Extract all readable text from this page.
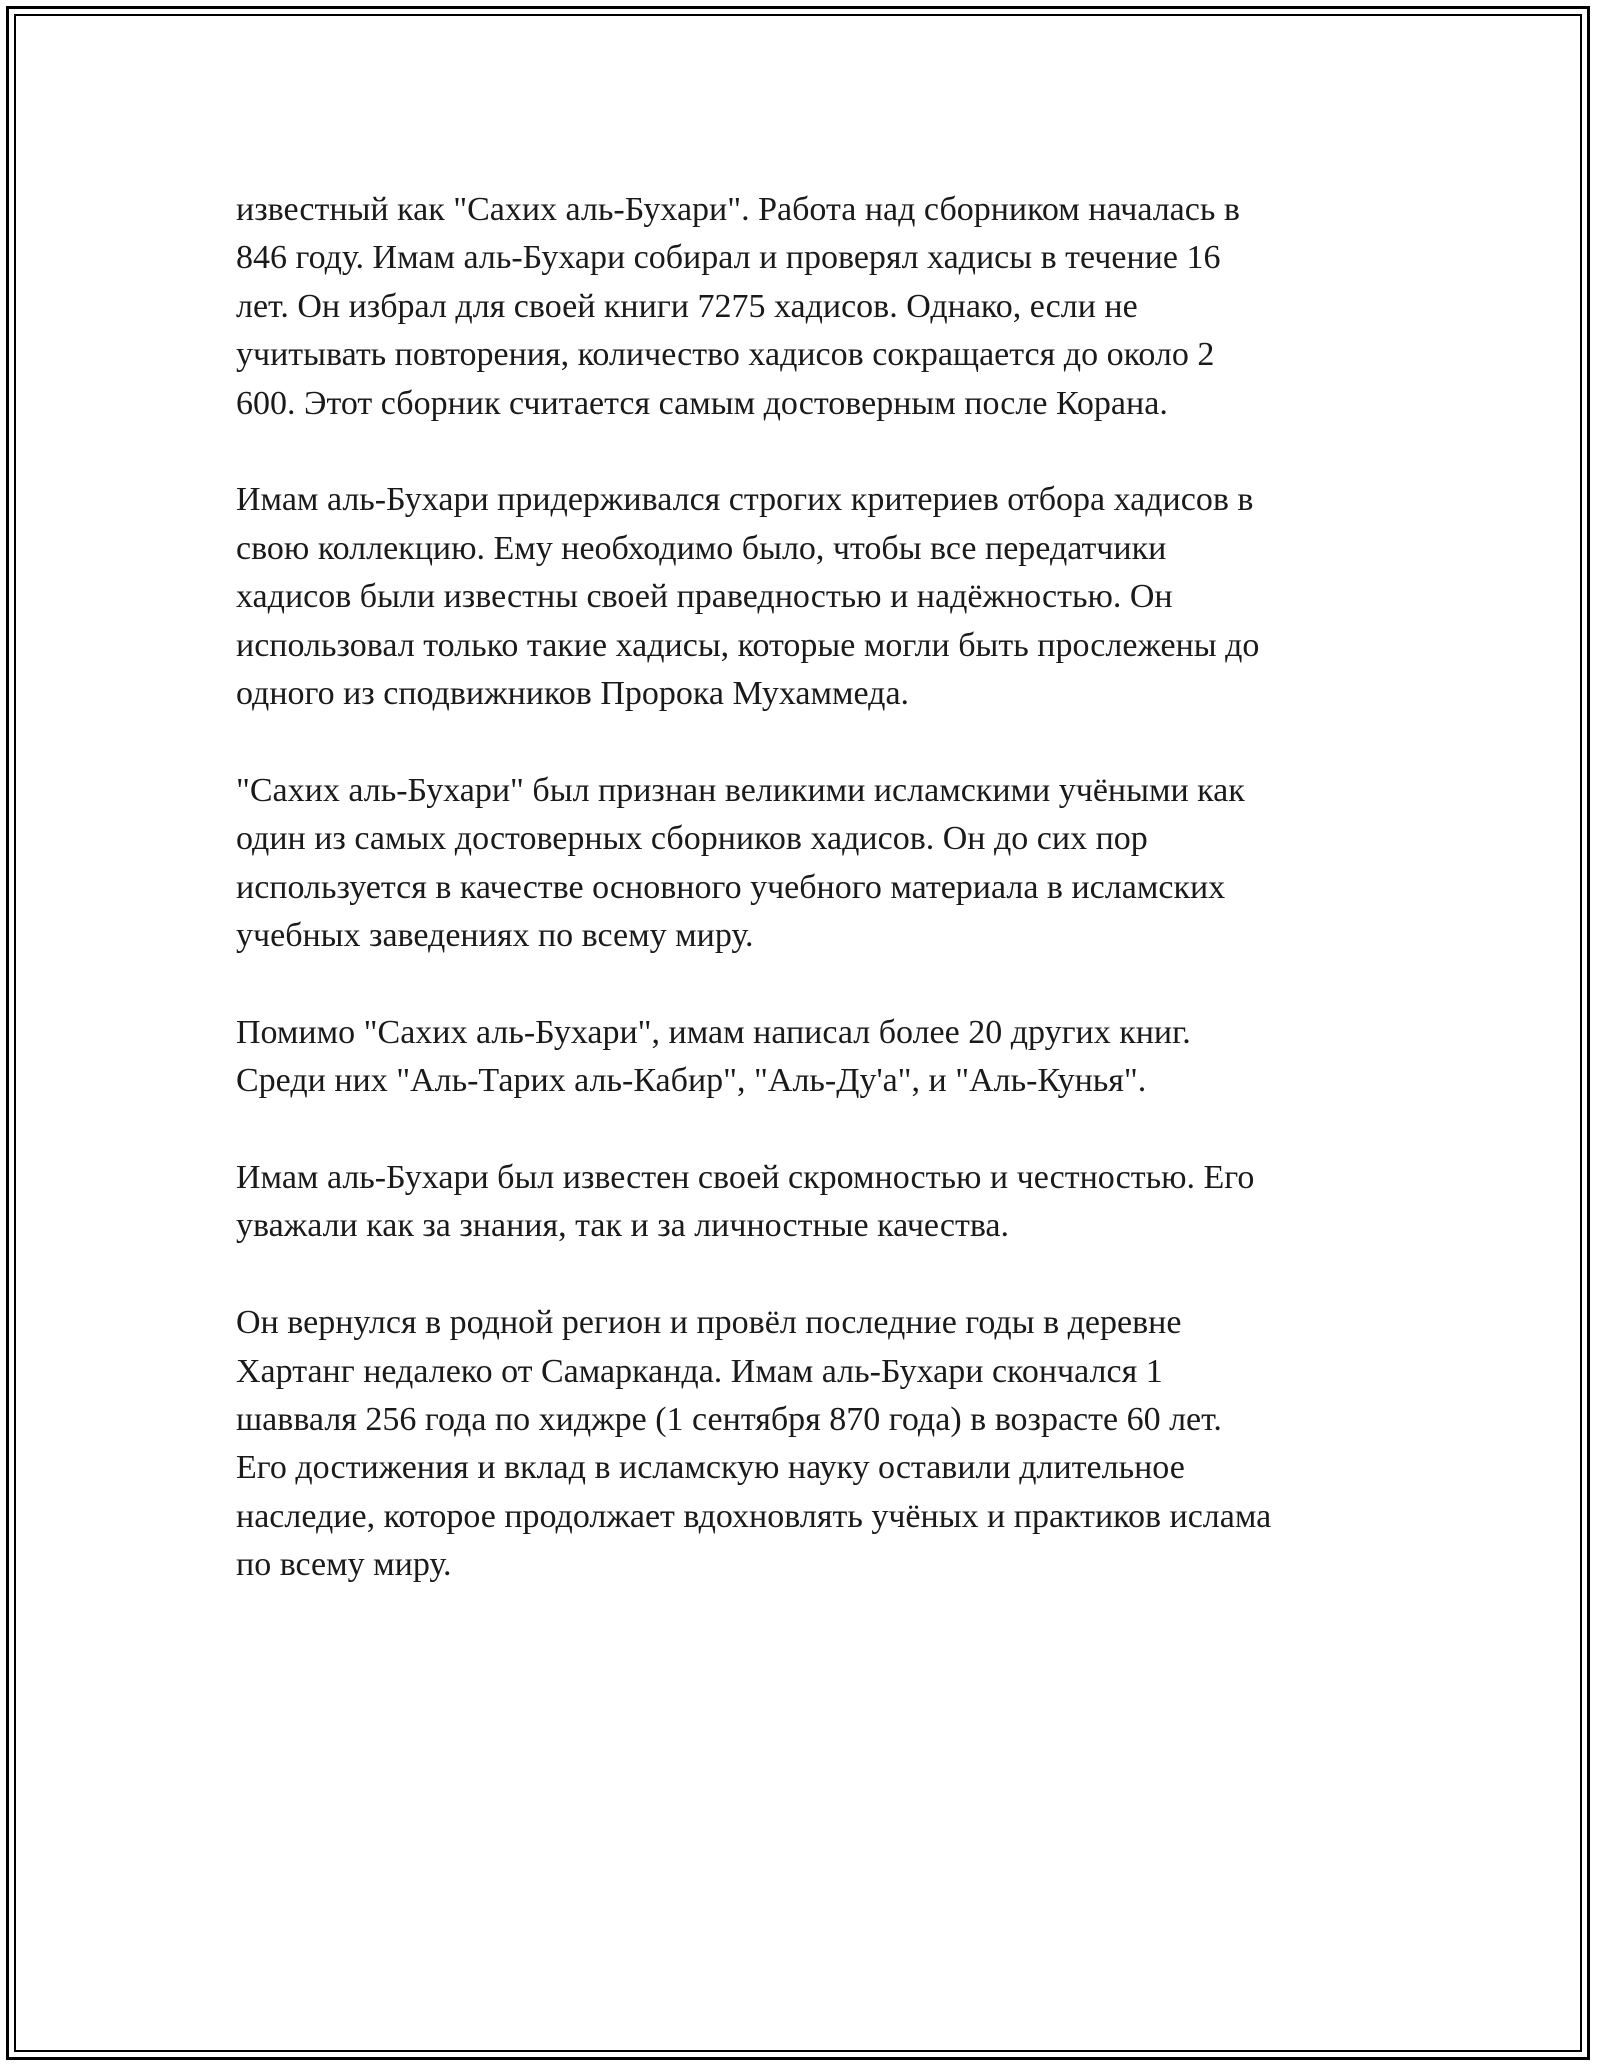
известный как "Сахих аль-Бухари". Работа над сборником началась в
846 году. Имам аль-Бухари собирал и проверял хадисы в течение 16
лет. Он избрал для своей книги 7275 хадисов. Однако, если не
учитывать повторения, количество хадисов сокращается до около 2
600. Этот сборник считается самым достоверным после Корана.

Имам аль-Бухари придерживался строгих критериев отбора хадисов в
свою коллекцию. Ему необходимо было, чтобы все передатчики
хадисов были известны своей праведностью и надёжностью. Он
использовал только такие хадисы, которые могли быть прослежены до
одного из сподвижников Пророка Мухаммеда.

"Сахих аль-Бухари" был признан великими исламскими учёными как
один из самых достоверных сборников хадисов. Он до сих пор
используется в качестве основного учебного материала в исламских
учебных заведениях по всему миру.

Помимо "Сахих аль-Бухари", имам написал более 20 других книг.
Среди них "Аль-Тарих аль-Кабир", "Аль-Ду'а", и "Аль-Кунья".

Имам аль-Бухари был известен своей скромностью и честностью. Его
уважали как за знания, так и за личностные качества.

Он вернулся в родной регион и провёл последние годы в деревне
Хартанг недалеко от Самарканда. Имам аль-Бухари скончался 1
шавваля 256 года по хиджре (1 сентября 870 года) в возрасте 60 лет.
Его достижения и вклад в исламскую науку оставили длительное
наследие, которое продолжает вдохновлять учёных и практиков ислама
по всему миру.
